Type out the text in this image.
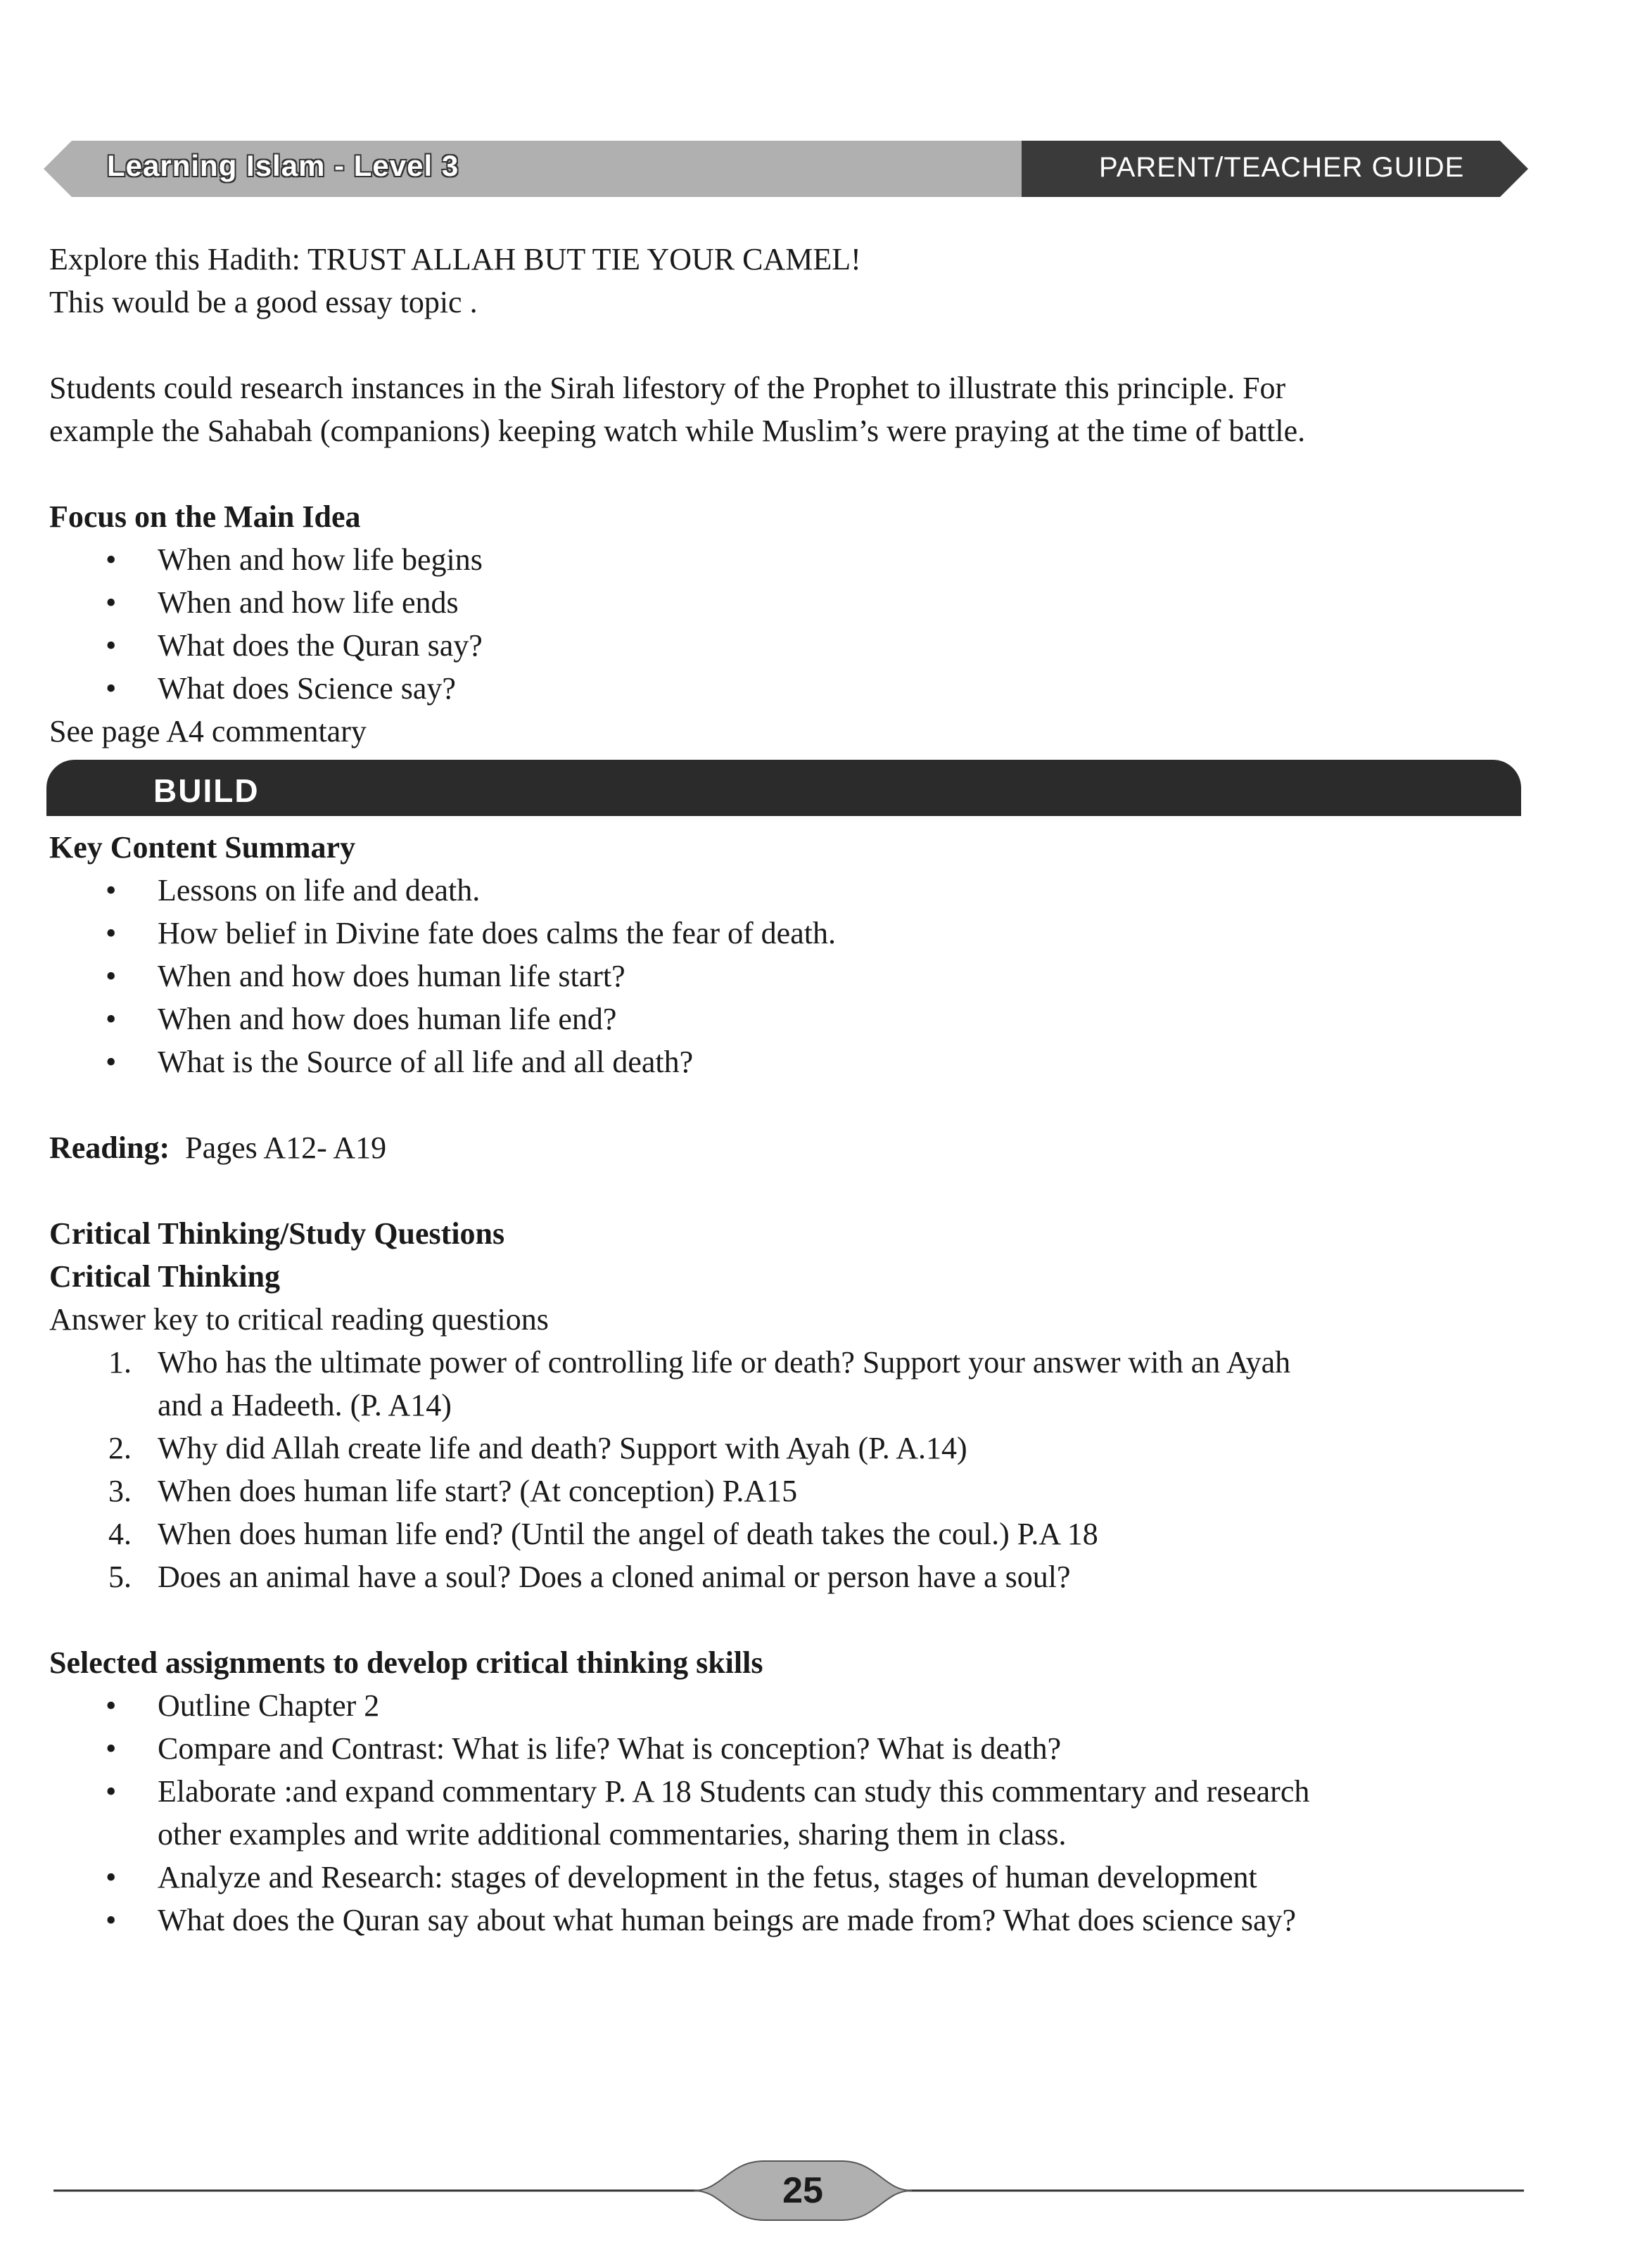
Learning Islam - Level 3	PARENT/TEACHER GUIDE

Explore this Hadith: TRUST ALLAH BUT TIE YOUR CAMEL!

This would be a good essay topic .

Students could research instances in the Sirah lifestory of the Prophet to illustrate this principle. For

example the Sahabah (companions) keeping watch while Muslim’s were praying at the time of battle.

Focus on the Main Idea

• When and how life begins
• When and how life ends
• What does the Quran say?
• What does Science say?

See page A4 commentary

BUILD

Key Content Summary

• Lessons on life and death.
• How belief in Divine fate does calms the fear of death.
• When and how does human life start?
• When and how does human life end?
• What is the Source of all life and all death?

Reading: Pages A12- A19

Critical Thinking/Study Questions

Critical Thinking

Answer key to critical reading questions

1. Who has the ultimate power of controlling life or death? Support your answer with an Ayah
and a Hadeeth. (P. A14)
2. Why did Allah create life and death? Support with Ayah (P. A.14)
3. When does human life start? (At conception) P.A15
4. When does human life end? (Until the angel of death takes the coul.) P.A 18
5. Does an animal have a soul? Does a cloned animal or person have a soul?

Selected assignments to develop critical thinking skills

• Outline Chapter 2
• Compare and Contrast: What is life? What is conception? What is death?
• Elaborate :and expand commentary P. A 18 Students can study this commentary and research
other examples and write additional commentaries, sharing them in class.
• Analyze and Research: stages of development in the fetus, stages of human development
• What does the Quran say about what human beings are made from? What does science say?
25
